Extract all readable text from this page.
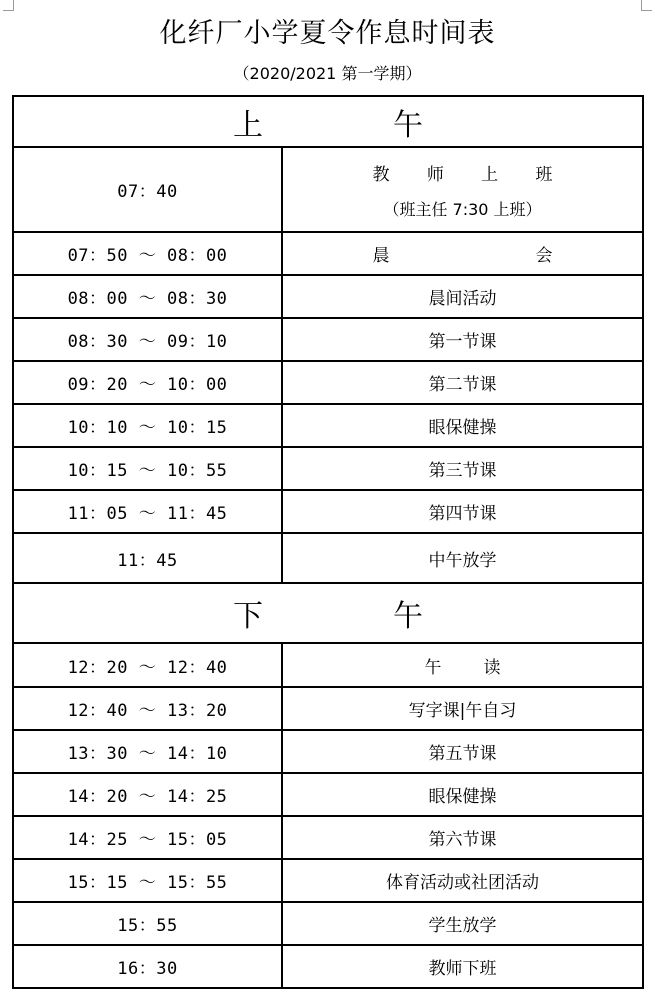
化纤厂小学夏令作息时间表
（2020/2021 第一学期）
上　午	
07：40	教　师　上　班
（班主任 7:30 上班）

07：50 ～ 08：00	晨　会
08：00 ～ 08：30	晨间活动
08：30 ～ 09：10	第一节课
09：20 ～ 10：00	第二节课
10：10 ～ 10：15	眼保健操
10：15 ～ 10：55	第三节课
11：05 ～ 11：45	第四节课
11：45	中午放学
下　午	
12：20 ～ 12：40	午　读
12：40 ～ 13：20	写字课|午自习
13：30 ～ 14：10	第五节课
14：20 ～ 14：25	眼保健操
14：25 ～ 15：05	第六节课
15：15 ～ 15：55	体育活动或社团活动
15：55	学生放学
16：30	教师下班
